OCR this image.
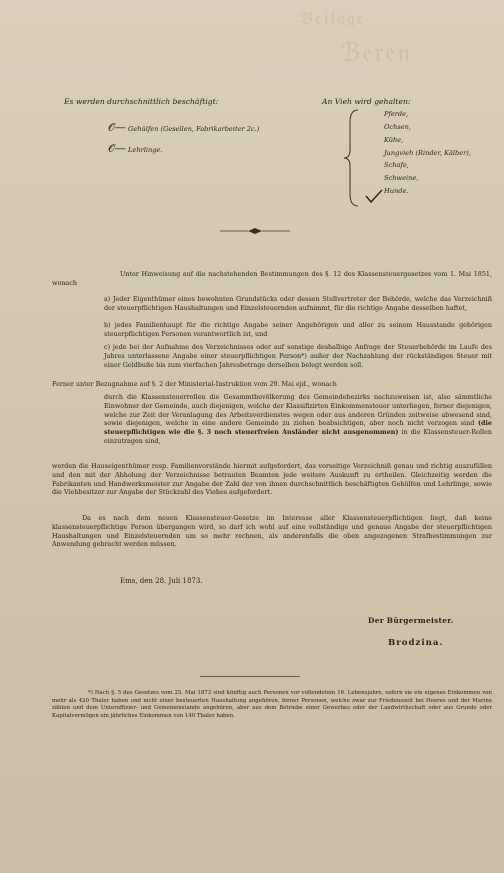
ℬ𝔢𝔯𝔢𝔫
𝔅𝔢𝔦𝔩𝔞𝔤𝔢
Es werden durchschnittlich beschäftigt:
𝒪— Gehülfen (Gesellen, Fabrikarbeiter 2c.)
𝒪— Lehrlinge.
An Vieh wird gehalten:
Pferde,
Ochsen,
Kühe,
Jungvieh (Rinder, Kälber),
Schafe,
Schweine,
Hunde.
Unter Hinweisung auf die nachstehenden Bestimmungen des §. 12 des Klassensteuergesetzes vom 1. Mai 1851, wonach
a) Jeder Eigenthümer eines bewohnten Grundstücks oder dessen Stellvertreter der Behörde, welche das Verzeichniß der steuerpflichtigen Haushaltungen und Einzelsteuernden aufnimmt, für die richtige Angabe desselben haftet,
b) jedes Familienhaupt für die richtige Angabe seiner Angehörigen und aller zu seinem Hausstande gehörigen steuerpflichtigen Personen verantwortlich ist, und
c) jede bei der Aufnahme des Verzeichnisses oder auf sonstige deshalbige Anfrage der Steuerbehörde im Laufe des Jahres unterlassene Angabe einer steuerpflichtigen Person*) außer der Nachzahlung der rückständigen Steuer mit einer Geldbuße bis zum vierfachen Jahresbetrage derselben belegt werden soll.
Ferner unter Bezugnahme auf §. 2 der Ministerial-Instruktion vom 29. Mai ejd., wonach
durch die Klassensteuerrollen die Gesammtbevölkerung des Gemeindebezirks nachzuweisen ist, also sämmtliche Einwohner der Gemeinde, auch diejenigen, welche der Klassifizirten Einkommensteuer unterliegen, ferner diejenigen, welche zur Zeit der Veranlagung des Arbeitsverdienstes wegen oder aus anderen Gründen zeitweise abwesend sind, sowie diejenigen, welche in eine andere Gemeinde zu ziehen beabsichtigen, aber noch nicht verzogen sind (die steuerpflichtigen wie die §. 3 noch steuerfreien Ausländer nicht ausgenommen) in die Klassensteuer-Rollen einzutragen sind,
werden die Hauseigenthümer resp. Familienvorstände hiermit aufgefordert, das vorseitige Verzeichniß genau und richtig auszufüllen und den mit der Abholung der Verzeichnisse betrauten Beamten jede weitere Auskunft zu ertheilen. Gleichzeitig werden die Fabrikanten und Handwerksmeister zur Angabe der Zahl der von ihnen durchschnittlich beschäftigten Gehülfen und Lehrlinge, sowie die Viehbesitzer zur Angabe der Stückzahl des Viehes aufgefordert.
Da es nach dem neuen Klassensteuer-Gesetze im Interesse aller Klassensteuerpflichtigen liegt, daß keine klassensteuerpflichtige Person übergangen wird, so darf ich wohl auf eine vollständige und genaue Angabe der steuerpflichtigen Haushaltungen und Einzelsteuernden um so mehr rechnen, als anderenfalls die oben angezogenen Strafbestimmungen zur Anwendung gebracht werden müssen.
Ems, den 28. Juli 1873.
Der Bürgermeister.
Brodzina.
*) Nach §. 5 des Gesetzes vom 25. Mai 1873 sind künftig auch Personen vor vollendetem 16. Lebensjahre, sofern sie ein eigenes Einkommen von mehr als 420 Thaler haben und nicht einer besteuerten Haushaltung angehören, ferner Personen, welche zwar zur Friedenszeit bei Heeres und der Marine zählen und dem Unteroffizier- und Gemeinenstande angehören, aber aus dem Betriebe einer Gewerbes oder der Landwirthschaft oder aus Grunde oder Kapitalvermögen ein jährliches Einkommen von 140 Thaler haben.
